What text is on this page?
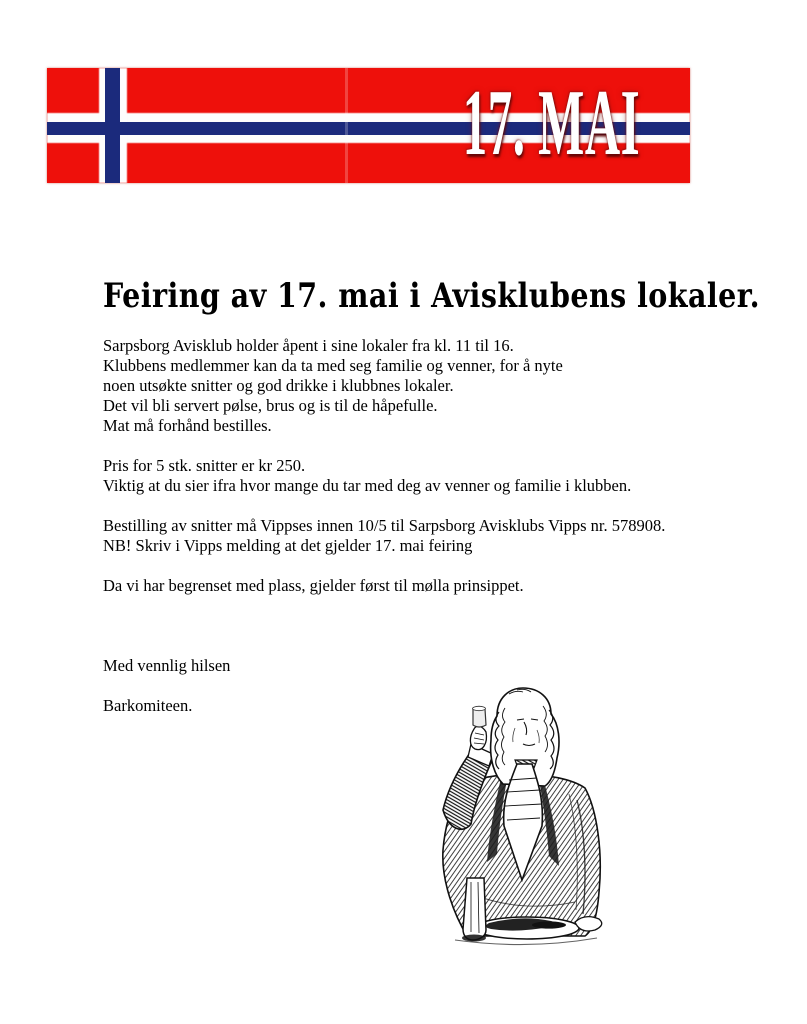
17. MAI
Feiring av 17. mai i Avisklubens lokaler.

Sarpsborg Avisklub holder åpent i sine lokaler fra kl. 11 til 16.
Klubbens medlemmer kan da ta med seg familie og venner, for å nyte
noen utsøkte snitter og god drikke i klubbnes lokaler.
Det vil bli servert pølse, brus og is til de håpefulle.
Mat må forhånd bestilles.

Pris for 5 stk. snitter er kr 250.
Viktig at du sier ifra hvor mange du tar med deg av venner og familie i klubben.

Bestilling av snitter må Vippses innen 10/5 til Sarpsborg Avisklubs Vipps nr. 578908.
NB! Skriv i Vipps melding at det gjelder 17. mai feiring

Da vi har begrenset med plass, gjelder først til mølla prinsippet.

Med vennlig hilsen

Barkomiteen.
